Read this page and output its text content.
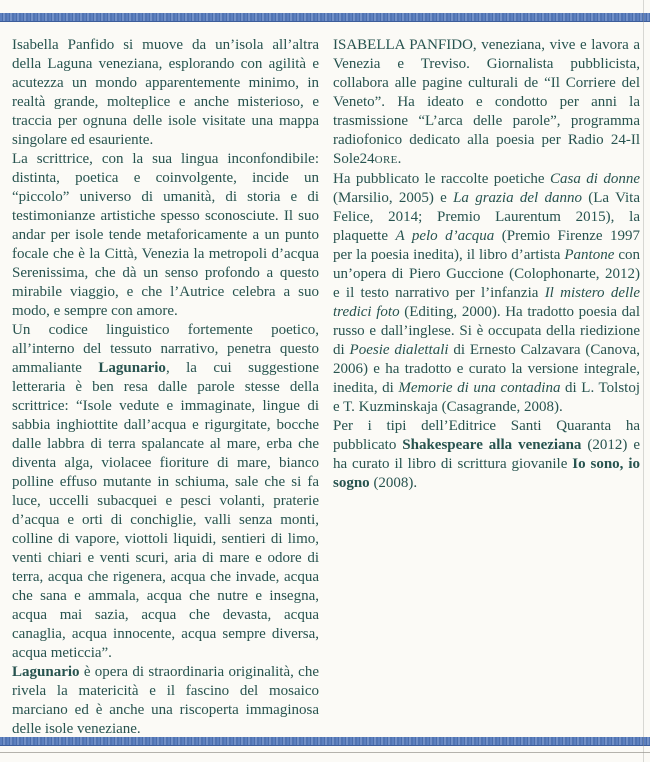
Isabella Panfido si muove da un’isola all’altra della Laguna veneziana, esplorando con agilità e acutezza un mondo apparentemente minimo, in realtà grande, molteplice e anche misterioso, e traccia per ognuna delle isole visitate una mappa singolare ed esauriente.

La scrittrice, con la sua lingua inconfondibile: distinta, poetica e coinvolgente, incide un “piccolo” universo di umanità, di storia e di testimonianze artistiche spesso sconosciute. Il suo andar per isole tende metaforicamente a un punto focale che è la Città, Venezia la metropoli d’acqua Serenissima, che dà un senso profondo a questo mirabile viaggio, e che l’Autrice celebra a suo modo, e sempre con amore.

Un codice linguistico fortemente poetico, all’interno del tessuto narrativo, penetra questo ammaliante Lagunario, la cui suggestione letteraria è ben resa dalle parole stesse della scrittrice: “Isole vedute e immaginate, lingue di sabbia inghiottite dall’acqua e rigurgitate, bocche dalle labbra di terra spalancate al mare, erba che diventa alga, violacee fioriture di mare, bianco polline effuso mutante in schiuma, sale che si fa luce, uccelli subacquei e pesci volanti, praterie d’acqua e orti di conchiglie, valli senza monti, colline di vapore, viottoli liquidi, sentieri di limo, venti chiari e venti scuri, aria di mare e odore di terra, acqua che rigenera, acqua che invade, acqua che sana e ammala, acqua che nutre e insegna, acqua mai sazia, acqua che devasta, acqua canaglia, acqua innocente, acqua sempre diversa, acqua meticcia”.

Lagunario è opera di straordinaria originalità, che rivela la matericità e il fascino del mosaico marciano ed è anche una riscoperta immaginosa delle isole veneziane.

ISABELLA PANFIDO, veneziana, vive e lavora a Venezia e Treviso. Giornalista pubblicista, collabora alle pagine culturali de “Il Corriere del Veneto”. Ha ideato e condotto per anni la trasmissione “L’arca delle parole”, programma radiofonico dedicato alla poesia per Radio 24-Il Sole24ORE.

Ha pubblicato le raccolte poetiche Casa di donne (Marsilio, 2005) e La grazia del danno (La Vita Felice, 2014; Premio Laurentum 2015), la plaquette A pelo d’acqua (Premio Firenze 1997 per la poesia inedita), il libro d’artista Pantone con un’opera di Piero Guccione (Colophonarte, 2012) e il testo narrativo per l’infanzia Il mistero delle tredici foto (Editing, 2000). Ha tradotto poesia dal russo e dall’inglese. Si è occupata della riedizione di Poesie dialettali di Ernesto Calzavara (Canova, 2006) e ha tradotto e curato la versione integrale, inedita, di Memorie di una contadina di L. Tolstoj e T. Kuzminskaja (Casagrande, 2008).

Per i tipi dell’Editrice Santi Quaranta ha pubblicato Shakespeare alla veneziana (2012) e ha curato il libro di scrittura giovanile Io sono, io sogno (2008).
